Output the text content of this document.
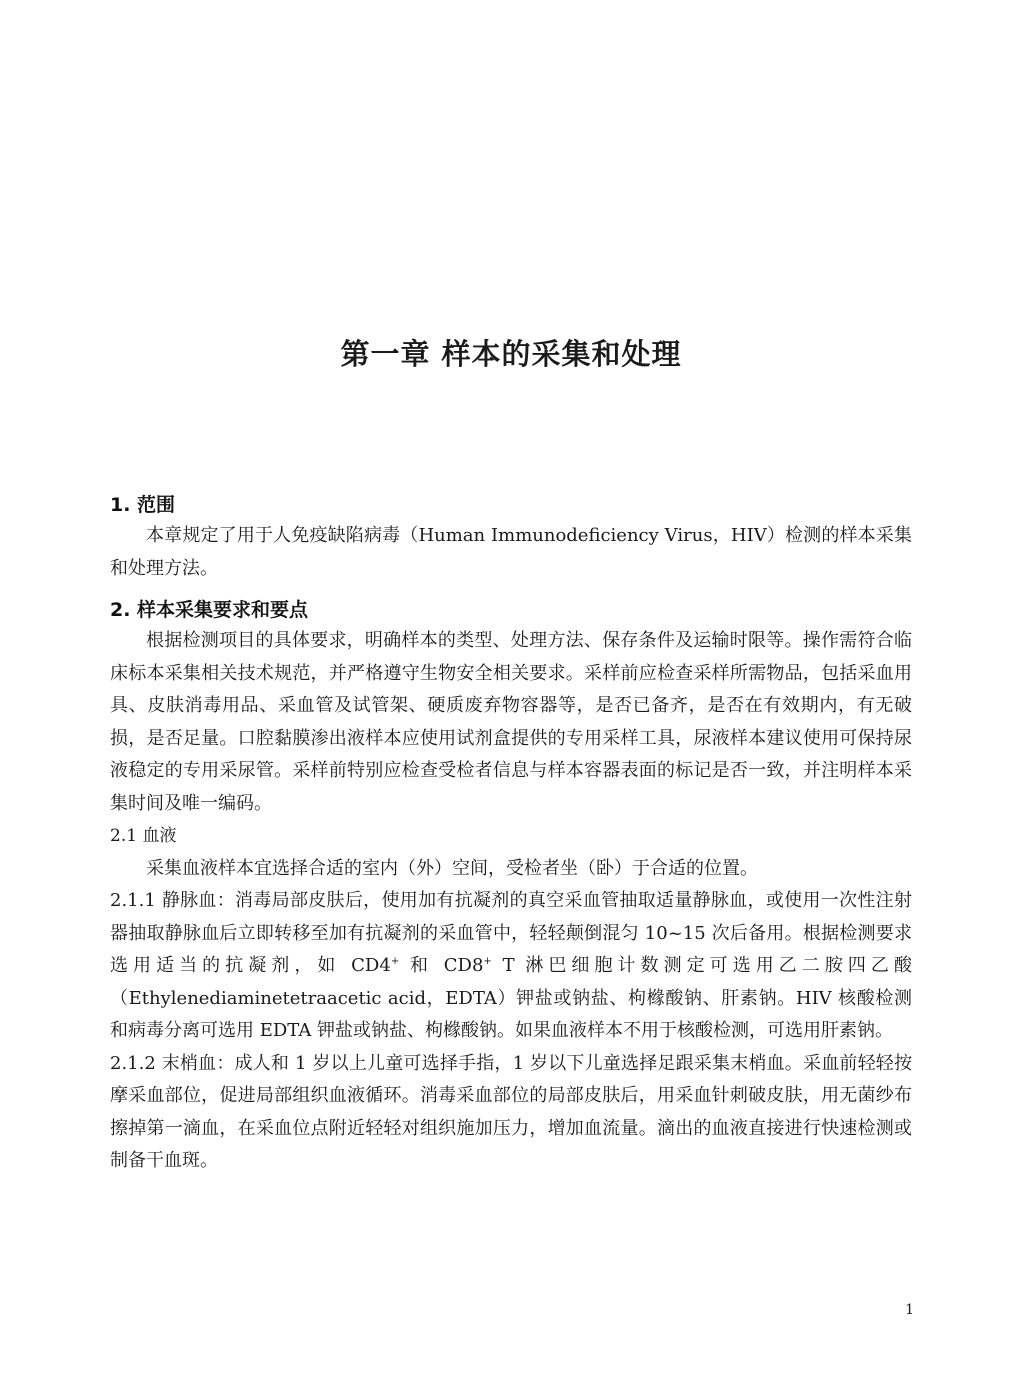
第一章 样本的采集和处理
1. 范围

本章规定了用于人免疫缺陷病毒（Human Immunodeficiency Virus，HIV）检测的样本采集和处理方法。

2. 样本采集要求和要点

根据检测项目的具体要求，明确样本的类型、处理方法、保存条件及运输时限等。操作需符合临床标本采集相关技术规范，并严格遵守生物安全相关要求。采样前应检查采样所需物品，包括采血用具、皮肤消毒用品、采血管及试管架、硬质废弃物容器等，是否已备齐，是否在有效期内，有无破损，是否足量。口腔黏膜渗出液样本应使用试剂盒提供的专用采样工具，尿液样本建议使用可保持尿液稳定的专用采尿管。采样前特别应检查受检者信息与样本容器表面的标记是否一致，并注明样本采集时间及唯一编码。

2.1 血液

采集血液样本宜选择合适的室内（外）空间，受检者坐（卧）于合适的位置。

2.1.1 静脉血：消毒局部皮肤后，使用加有抗凝剂的真空采血管抽取适量静脉血，或使用一次性注射器抽取静脉血后立即转移至加有抗凝剂的采血管中，轻轻颠倒混匀 10~15 次后备用。根据检测要求选用适当的抗凝剂，如 CD4+ 和 CD8+ T 淋巴细胞计数测定可选用乙二胺四乙酸（Ethylenediaminetetraacetic acid，EDTA）钾盐或钠盐、枸橼酸钠、肝素钠。HIV 核酸检测和病毒分离可选用 EDTA 钾盐或钠盐、枸橼酸钠。如果血液样本不用于核酸检测，可选用肝素钠。

2.1.2 末梢血：成人和 1 岁以上儿童可选择手指，1 岁以下儿童选择足跟采集末梢血。采血前轻轻按摩采血部位，促进局部组织血液循环。消毒采血部位的局部皮肤后，用采血针刺破皮肤，用无菌纱布擦掉第一滴血，在采血位点附近轻轻对组织施加压力，增加血流量。滴出的血液直接进行快速检测或制备干血斑。

1
